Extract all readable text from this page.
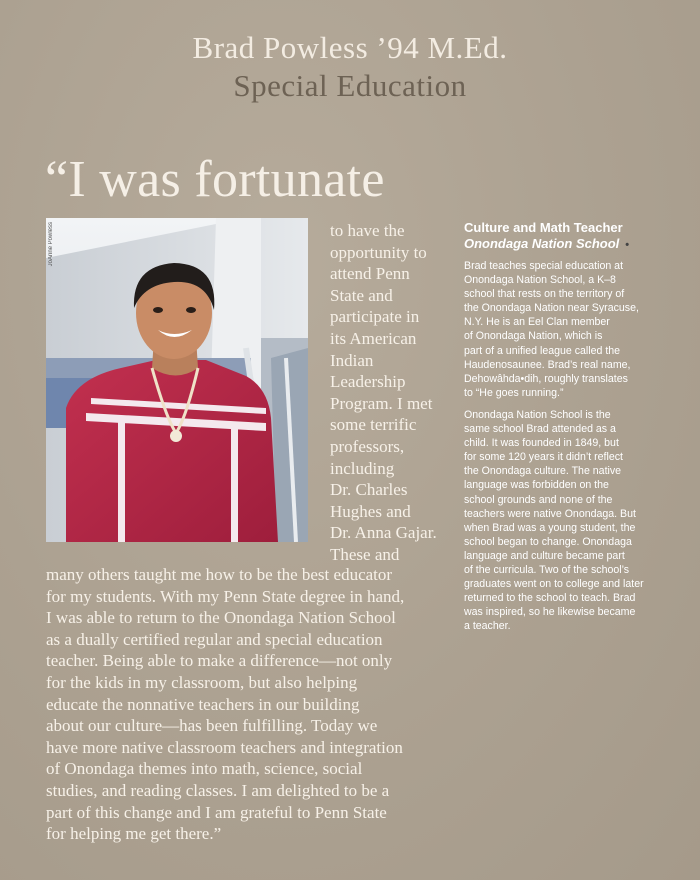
Brad Powless ’94 M.Ed.
Special Education
“I was fortunate
JoAnne Powless	to have the
opportunity to
attend Penn
State and
participate in
its American
Indian
Leadership
Program. I met
some terrific
professors,
including
Dr. Charles
Hughes and
Dr. Anna Gajar.
These and
many others taught me how to be the best educator
for my students. With my Penn State degree in hand,
I was able to return to the Onondaga Nation School
as a dually certified regular and special education
teacher. Being able to make a difference—not only
for the kids in my classroom, but also helping
educate the nonnative teachers in our building
about our culture—has been fulfilling. Today we
have more native classroom teachers and integration
of Onondaga themes into math, science, social
studies, and reading classes. I am delighted to be a
part of this change and I am grateful to Penn State
for helping me get there.”
Culture and Math Teacher
Onondaga Nation School •
Brad teaches special education at
Onondaga Nation School, a K–8
school that rests on the territory of
the Onondaga Nation near Syracuse,
N.Y. He is an Eel Clan member
of Onondaga Nation, which is
part of a unified league called the
Haudenosaunee. Brad’s real name,
Dehowâhda•dih, roughly translates
to “He goes running.”
Onondaga Nation School is the
same school Brad attended as a
child. It was founded in 1849, but
for some 120 years it didn’t reflect
the Onondaga culture. The native
language was forbidden on the
school grounds and none of the
teachers were native Onondaga. But
when Brad was a young student, the
school began to change. Onondaga
language and culture became part
of the curricula. Two of the school’s
graduates went on to college and later
returned to the school to teach. Brad
was inspired, so he likewise became
a teacher.
